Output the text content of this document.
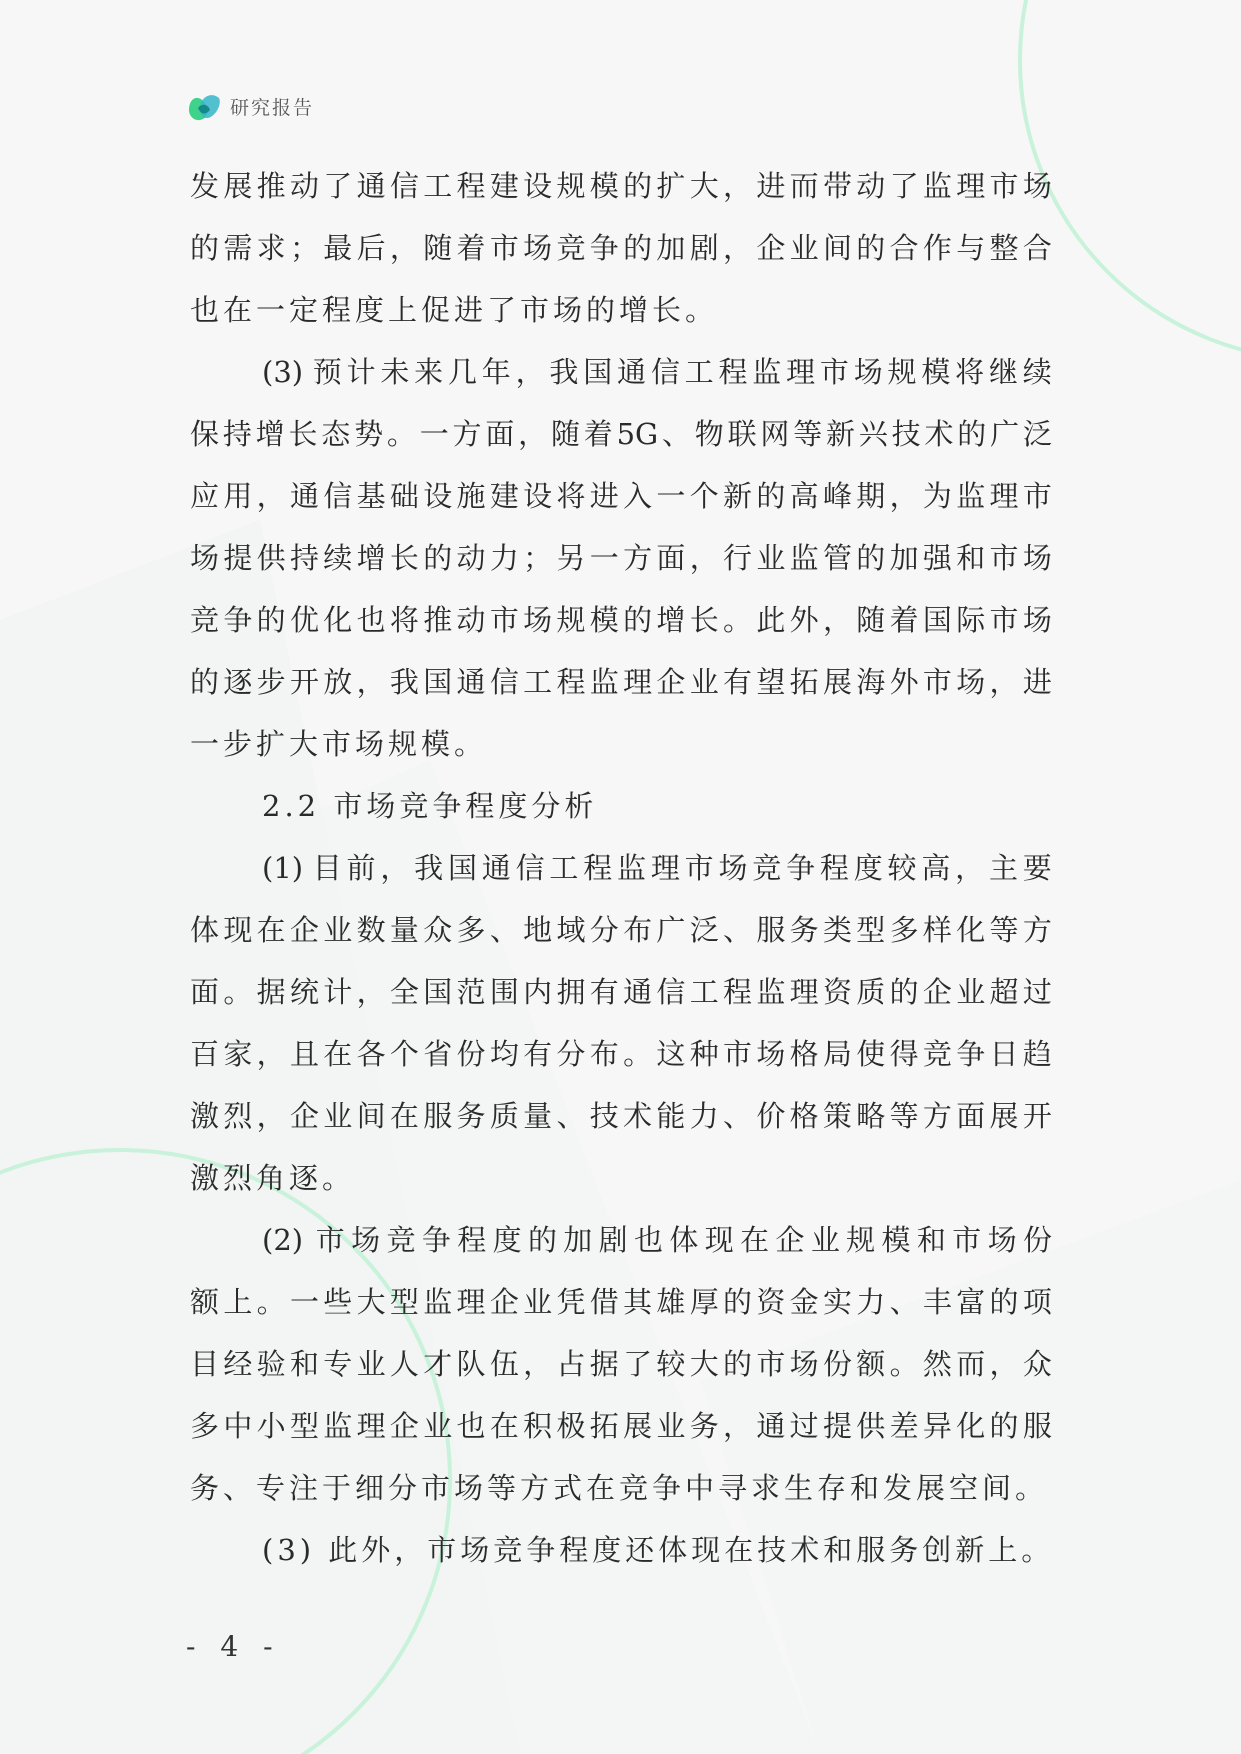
研究报告
发 展 推 动 了 通 信 工 程 建 设 规 模 的 扩 大 ， 进 而 带 动 了 监 理 市 场
的 需 求 ； 最 后 ， 随 着 市 场 竞 争 的 加 剧 ， 企 业 间 的 合 作 与 整 合
也在一定程度上促进了市场的增长。
(3) 预 计 未 来 几 年 ， 我 国 通 信 工 程 监 理 市 场 规 模 将 继 续
保 持 增 长 态 势 。 一 方 面 ， 随 着 5G 、 物 联 网 等 新 兴 技 术 的 广 泛
应 用 ， 通 信 基 础 设 施 建 设 将 进 入 一 个 新 的 高 峰 期 ， 为 监 理 市
场 提 供 持 续 增 长 的 动 力 ； 另 一 方 面 ， 行 业 监 管 的 加 强 和 市 场
竞 争 的 优 化 也 将 推 动 市 场 规 模 的 增 长 。 此 外 ， 随 着 国 际 市 场
的 逐 步 开 放 ， 我 国 通 信 工 程 监 理 企 业 有 望 拓 展 海 外 市 场 ， 进
一步扩大市场规模。
2.2 市场竞争程度分析
(1) 目 前 ， 我 国 通 信 工 程 监 理 市 场 竞 争 程 度 较 高 ， 主 要
体 现 在 企 业 数 量 众 多 、 地 域 分 布 广 泛 、 服 务 类 型 多 样 化 等 方
面 。 据 统 计 ， 全 国 范 围 内 拥 有 通 信 工 程 监 理 资 质 的 企 业 超 过
百 家 ， 且 在 各 个 省 份 均 有 分 布 。 这 种 市 场 格 局 使 得 竞 争 日 趋
激 烈 ， 企 业 间 在 服 务 质 量 、 技 术 能 力 、 价 格 策 略 等 方 面 展 开
激烈角逐。
(2) 市 场 竞 争 程 度 的 加 剧 也 体 现 在 企 业 规 模 和 市 场 份
额 上 。 一 些 大 型 监 理 企 业 凭 借 其 雄 厚 的 资 金 实 力 、 丰 富 的 项
目 经 验 和 专 业 人 才 队 伍 ， 占 据 了 较 大 的 市 场 份 额 。 然 而 ， 众
多 中 小 型 监 理 企 业 也 在 积 极 拓 展 业 务 ， 通 过 提 供 差 异 化 的 服
务、专注于细分市场等方式在竞争中寻求生存和发展空间。
(3) 此外，市场竞争程度还体现在技术和服务创新上。
- 4 -
